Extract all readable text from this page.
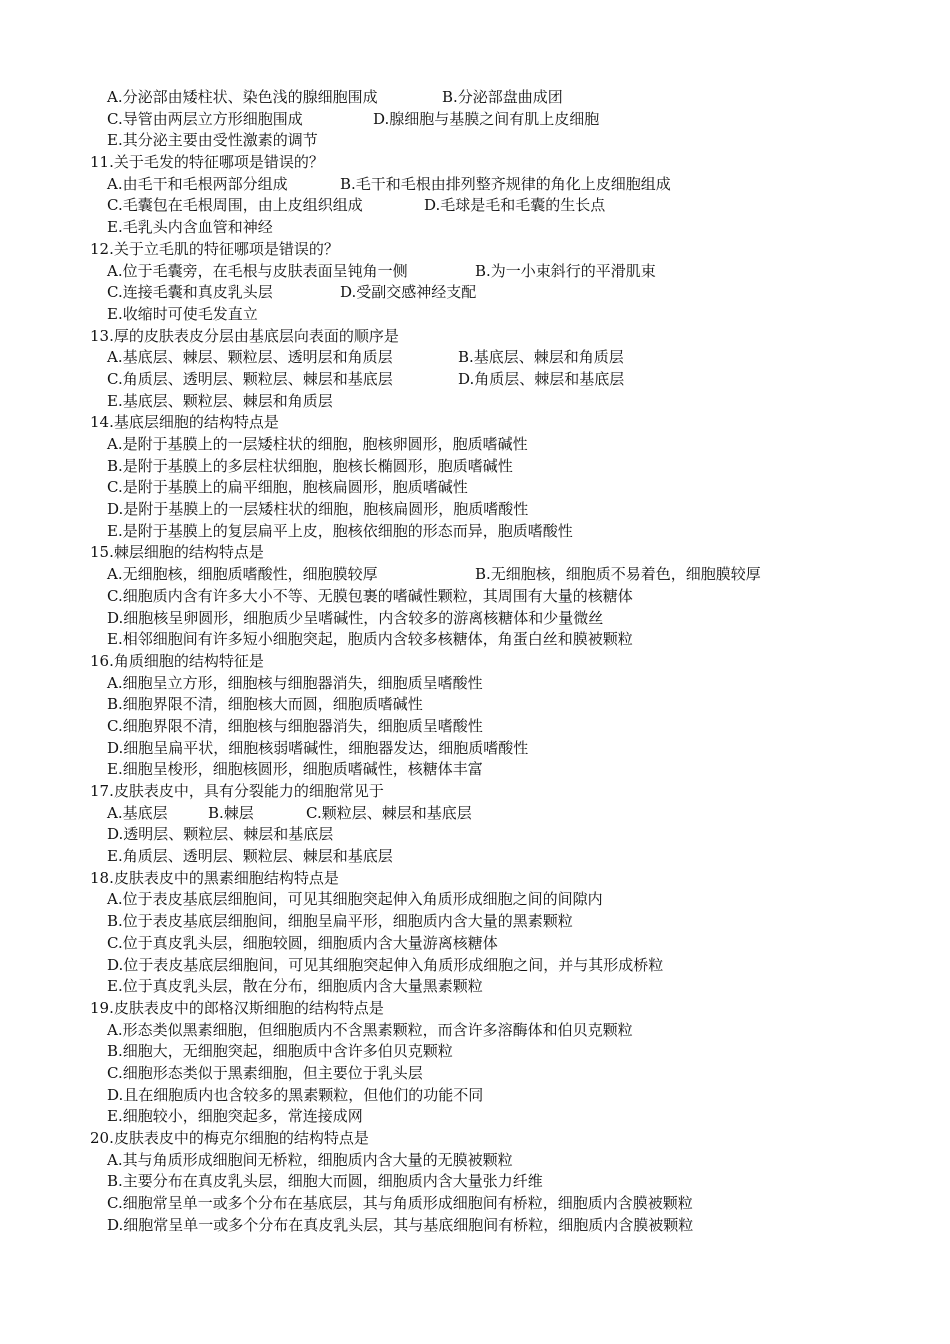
A.分泌部由矮柱状、染色浅的腺细胞围成	B.分泌部盘曲成团
C.导管由两层立方形细胞围成	D.腺细胞与基膜之间有肌上皮细胞
E.其分泌主要由受性激素的调节
11.关于毛发的特征哪项是错误的？
A.由毛干和毛根两部分组成	B.毛干和毛根由排列整齐规律的角化上皮细胞组成
C.毛囊包在毛根周围，由上皮组织组成	D.毛球是毛和毛囊的生长点
E.毛乳头内含血管和神经
12.关于立毛肌的特征哪项是错误的？
A.位于毛囊旁，在毛根与皮肤表面呈钝角一侧	B.为一小束斜行的平滑肌束
C.连接毛囊和真皮乳头层	D.受副交感神经支配
E.收缩时可使毛发直立
13.厚的皮肤表皮分层由基底层向表面的顺序是
A.基底层、棘层、颗粒层、透明层和角质层	B.基底层、棘层和角质层
C.角质层、透明层、颗粒层、棘层和基底层	D.角质层、棘层和基底层
E.基底层、颗粒层、棘层和角质层
14.基底层细胞的结构特点是
A.是附于基膜上的一层矮柱状的细胞，胞核卵圆形，胞质嗜碱性
B.是附于基膜上的多层柱状细胞，胞核长椭圆形，胞质嗜碱性
C.是附于基膜上的扁平细胞，胞核扁圆形，胞质嗜碱性
D.是附于基膜上的一层矮柱状的细胞，胞核扁圆形，胞质嗜酸性
E.是附于基膜上的复层扁平上皮，胞核依细胞的形态而异，胞质嗜酸性
15.棘层细胞的结构特点是
A.无细胞核，细胞质嗜酸性，细胞膜较厚	B.无细胞核，细胞质不易着色，细胞膜较厚
C.细胞质内含有许多大小不等、无膜包裹的嗜碱性颗粒，其周围有大量的核糖体
D.细胞核呈卵圆形，细胞质少呈嗜碱性，内含较多的游离核糖体和少量微丝
E.相邻细胞间有许多短小细胞突起，胞质内含较多核糖体，角蛋白丝和膜被颗粒
16.角质细胞的结构特征是
A.细胞呈立方形，细胞核与细胞器消失，细胞质呈嗜酸性
B.细胞界限不清，细胞核大而圆，细胞质嗜碱性
C.细胞界限不清，细胞核与细胞器消失，细胞质呈嗜酸性
D.细胞呈扁平状，细胞核弱嗜碱性，细胞器发达，细胞质嗜酸性
E.细胞呈梭形，细胞核圆形，细胞质嗜碱性，核糖体丰富
17.皮肤表皮中，具有分裂能力的细胞常见于
A.基底层	B.棘层	C.颗粒层、棘层和基底层
D.透明层、颗粒层、棘层和基底层
E.角质层、透明层、颗粒层、棘层和基底层
18.皮肤表皮中的黑素细胞结构特点是
A.位于表皮基底层细胞间，可见其细胞突起伸入角质形成细胞之间的间隙内
B.位于表皮基底层细胞间，细胞呈扁平形，细胞质内含大量的黑素颗粒
C.位于真皮乳头层，细胞较圆，细胞质内含大量游离核糖体
D.位于表皮基底层细胞间，可见其细胞突起伸入角质形成细胞之间，并与其形成桥粒
E.位于真皮乳头层，散在分布，细胞质内含大量黑素颗粒
19.皮肤表皮中的郎格汉斯细胞的结构特点是
A.形态类似黑素细胞，但细胞质内不含黑素颗粒，而含许多溶酶体和伯贝克颗粒
B.细胞大，无细胞突起，细胞质中含许多伯贝克颗粒
C.细胞形态类似于黑素细胞，但主要位于乳头层
D.且在细胞质内也含较多的黑素颗粒，但他们的功能不同
E.细胞较小，细胞突起多，常连接成网
20.皮肤表皮中的梅克尔细胞的结构特点是
A.其与角质形成细胞间无桥粒，细胞质内含大量的无膜被颗粒
B.主要分布在真皮乳头层，细胞大而圆，细胞质内含大量张力纤维
C.细胞常呈单一或多个分布在基底层，其与角质形成细胞间有桥粒，细胞质内含膜被颗粒
D.细胞常呈单一或多个分布在真皮乳头层，其与基底细胞间有桥粒，细胞质内含膜被颗粒
